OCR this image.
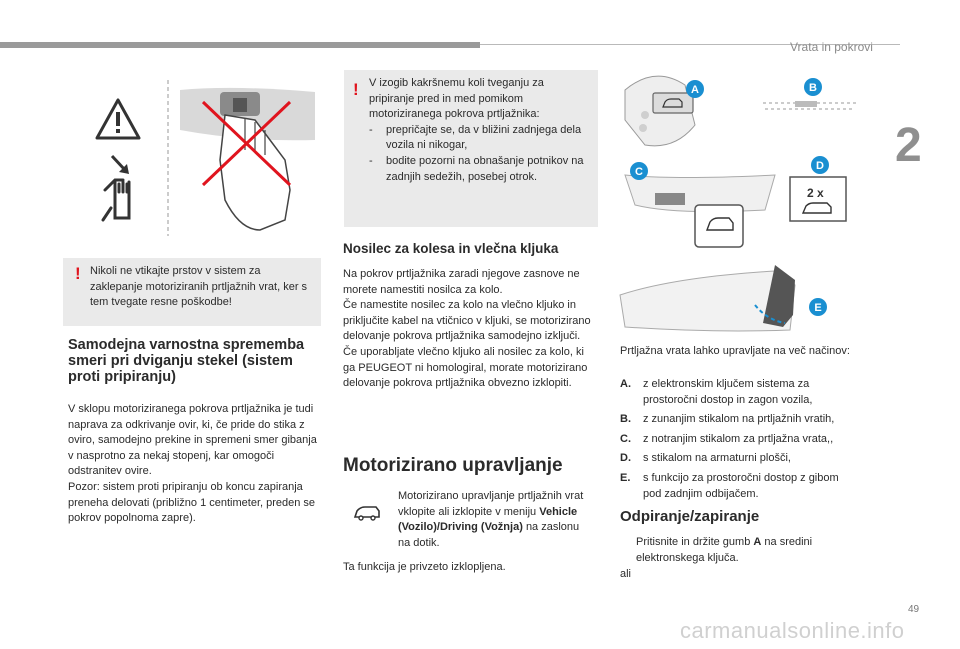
Vrata in pokrovi
2
! Nikoli ne vtikajte prstov v sistem za zaklepanje motoriziranih prtljažnih vrat, ker s tem tvegate resne poškodbe!

Samodejna varnostna sprememba smeri pri dviganju stekel (sistem proti pripiranju)

V sklopu motoriziranega pokrova prtljažnika je tudi naprava za odkrivanje ovir, ki, če pride do stika z oviro, samodejno prekine in spremeni smer gibanja v nasprotno za nekaj stopenj, kar omogoči odstranitev ovire.

Pozor: sistem proti pripiranju ob koncu zapiranja preneha delovati (približno 1 centimeter, preden se pokrov popolnoma zapre).

! V izogib kakršnemu koli tveganju za pripiranje pred in med pomikom motoriziranega pokrova prtljažnika:

- prepričajte se, da v bližini zadnjega dela vozila ni nikogar,
- bodite pozorni na obnašanje potnikov na zadnjih sedežih, posebej otrok.
Nosilec za kolesa in vlečna kljuka

Na pokrov prtljažnika zaradi njegove zasnove ne morete namestiti nosilca za kolo.

Če namestite nosilec za kolo na vlečno kljuko in priključite kabel na vtičnico v kljuki, se motorizirano delovanje pokrova prtljažnika samodejno izključi.

Če uporabljate vlečno kljuko ali nosilec za kolo, ki ga PEUGEOT ni homologiral, morate motorizirano delovanje pokrova prtljažnika obvezno izklopiti.

Motorizirano upravljanje

Motorizirano upravljanje prtljažnih vrat vklopite ali izklopite v meniju Vehicle (Vozilo)/Driving (Vožnja) na zaslonu na dotik.

Ta funkcija je privzeto izklopljena.

A	B
C
2 x
D
E

Prtljažna vrata lahko upravljate na več načinov:

A. z elektronskim ključem sistema za prostoročni dostop in zagon vozila,
B. z zunanjim stikalom na prtljažnih vratih,
C. z notranjim stikalom za prtljažna vrata,,
D. s stikalom na armaturni plošči,
E. s funkcijo za prostoročni dostop z gibom pod zadnjim odbijačem.
Odpiranje/zapiranje

Pritisnite in držite gumb A na sredini elektronskega ključa.

ali

49
carmanualsonline.info
